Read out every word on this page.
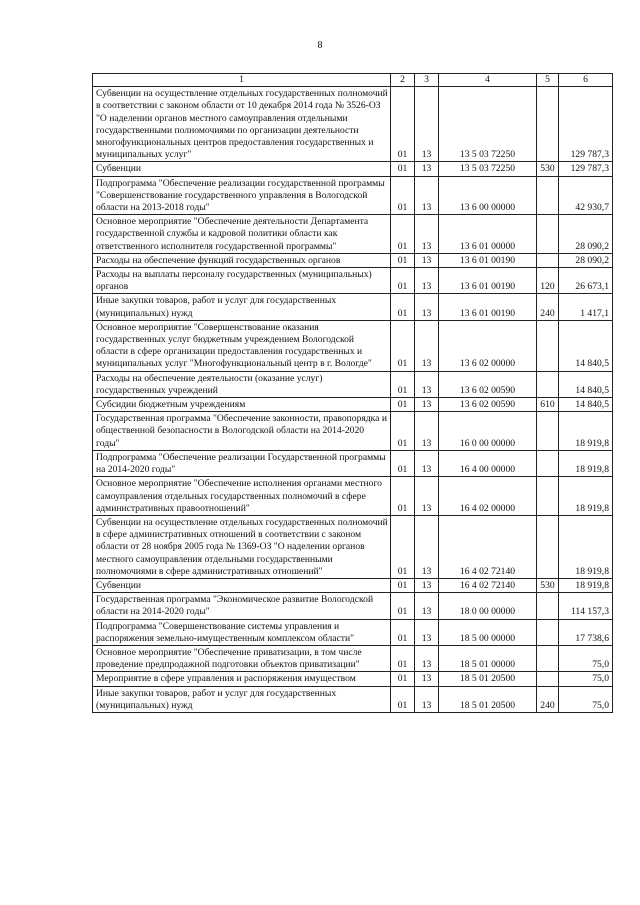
8
1	2	3	4	5	6
Субвенции на осуществление отдельных государственных полномочий в соответствии с законом области от 10 декабря 2014 года № 3526-ОЗ "О наделении органов местного самоуправления отдельными государственными полномочиями по организации деятельности многофункциональных центров предоставления государственных и муниципальных услуг"	01	13	13 5 03 72250		129 787,3
Субвенции	01	13	13 5 03 72250	530	129 787,3
Подпрограмма "Обеспечение реализации государственной программы "Совершенствование государственного управления в Вологодской области на 2013-2018 годы"	01	13	13 6 00 00000		42 930,7
Основное мероприятие "Обеспечение деятельности Департамента государственной службы и кадровой политики области как ответственного исполнителя государственной программы"	01	13	13 6 01 00000		28 090,2
Расходы на обеспечение функций государственных органов	01	13	13 6 01 00190		28 090,2
Расходы на выплаты персоналу государственных (муниципальных) органов	01	13	13 6 01 00190	120	26 673,1
Иные закупки товаров, работ и услуг для государственных (муниципальных) нужд	01	13	13 6 01 00190	240	1 417,1
Основное мероприятие "Совершенствование оказания государственных услуг бюджетным учреждением Вологодской области в сфере организации предоставления государственных и муниципальных услуг "Многофункциональный центр в г. Вологде"	01	13	13 6 02 00000		14 840,5
Расходы на обеспечение деятельности (оказание услуг) государственных учреждений	01	13	13 6 02 00590		14 840,5
Субсидии бюджетным учреждениям	01	13	13 6 02 00590	610	14 840,5
Государственная программа "Обеспечение законности, правопорядка и общественной безопасности в Вологодской области на 2014-2020 годы"	01	13	16 0 00 00000		18 919,8
Подпрограмма "Обеспечение реализации Государственной программы на 2014-2020 годы"	01	13	16 4 00 00000		18 919,8
Основное мероприятие "Обеспечение исполнения органами местного самоуправления отдельных государственных полномочий в сфере административных правоотношений"	01	13	16 4 02 00000		18 919,8
Субвенции на осуществление отдельных государственных полномочий в сфере административных отношений в соответствии с законом области от 28 ноября 2005 года № 1369-ОЗ "О наделении органов местного самоуправления отдельными государственными полномочиями в сфере административных отношений"	01	13	16 4 02 72140		18 919,8
Субвенции	01	13	16 4 02 72140	530	18 919,8
Государственная программа "Экономическое развитие Вологодской области на 2014-2020 годы"	01	13	18 0 00 00000		114 157,3
Подпрограмма "Совершенствование системы управления и распоряжения земельно-имущественным комплексом области"	01	13	18 5 00 00000		17 738,6
Основное мероприятие "Обеспечение приватизации, в том числе проведение предпродажной подготовки объектов приватизации"	01	13	18 5 01 00000		75,0
Мероприятие в сфере управления и распоряжения имуществом	01	13	18 5 01 20500		75,0
Иные закупки товаров, работ и услуг для государственных (муниципальных) нужд	01	13	18 5 01 20500	240	75,0
